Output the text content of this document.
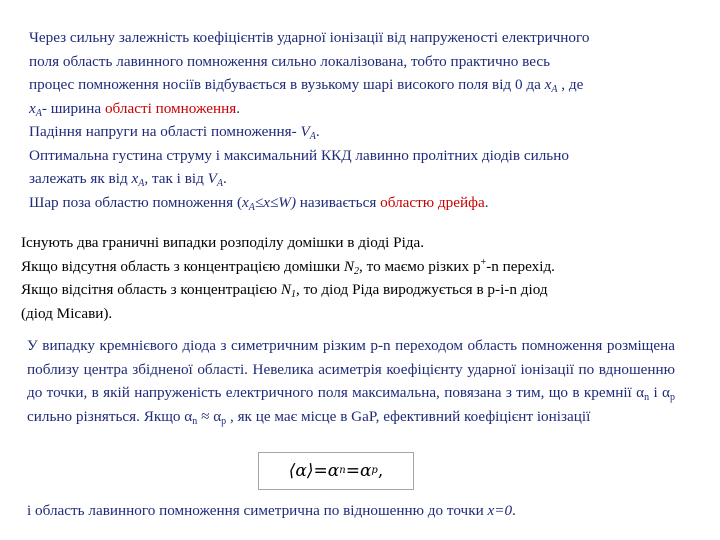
Через сильну залежність коефіцієнтів ударної іонізації від напруженості електричного
поля область лавинного помноження сильно локалізована, тобто практично весь
процес помноження носіїв відбувається в вузькому шарі високого поля від 0 да $x_A$ , де
$x_A-$ ширина області помноження.
Падіння напруги на області помноження- $V_A$.
Оптимальна густина струму і максимальний ККД лавинно пролітних діодів сильно
залежать як від $x_A$, так і від $V_A$.
Шар поза областю помноження $(x_A\le x\le W)$ називається областю дрейфа.
Існують два граничні випадки розподілу домішки в діоді Ріда.
Якщо відсутня область з концентрацією домішки $N_2$, то маємо різких p+-n перехід.
Якщо відсітня область з концентрацією $N_1$, то діод Ріда вироджується в p-i-n діод
(діод Місави).
У випадку кремнієвого діода з симетричним різким p-n переходом область помноження розміщена поблизу центра збідненої області. Невелика асиметрія коефіцієнту ударної іонізації по вдношенню до точки, в якій напруженість електричного поля максимальна, повязана з тим, що в кремнії $\alpha_n$ і $\alpha_p$ сильно різняться. Якщо $\alpha_n \approx \alpha_p$ , як це має місце в GaP, ефективний коефіцієнт іонізації
⟨α⟩ = α n = α p ,
і область лавинного помноження симетрична по відношенню до точки x=0.
